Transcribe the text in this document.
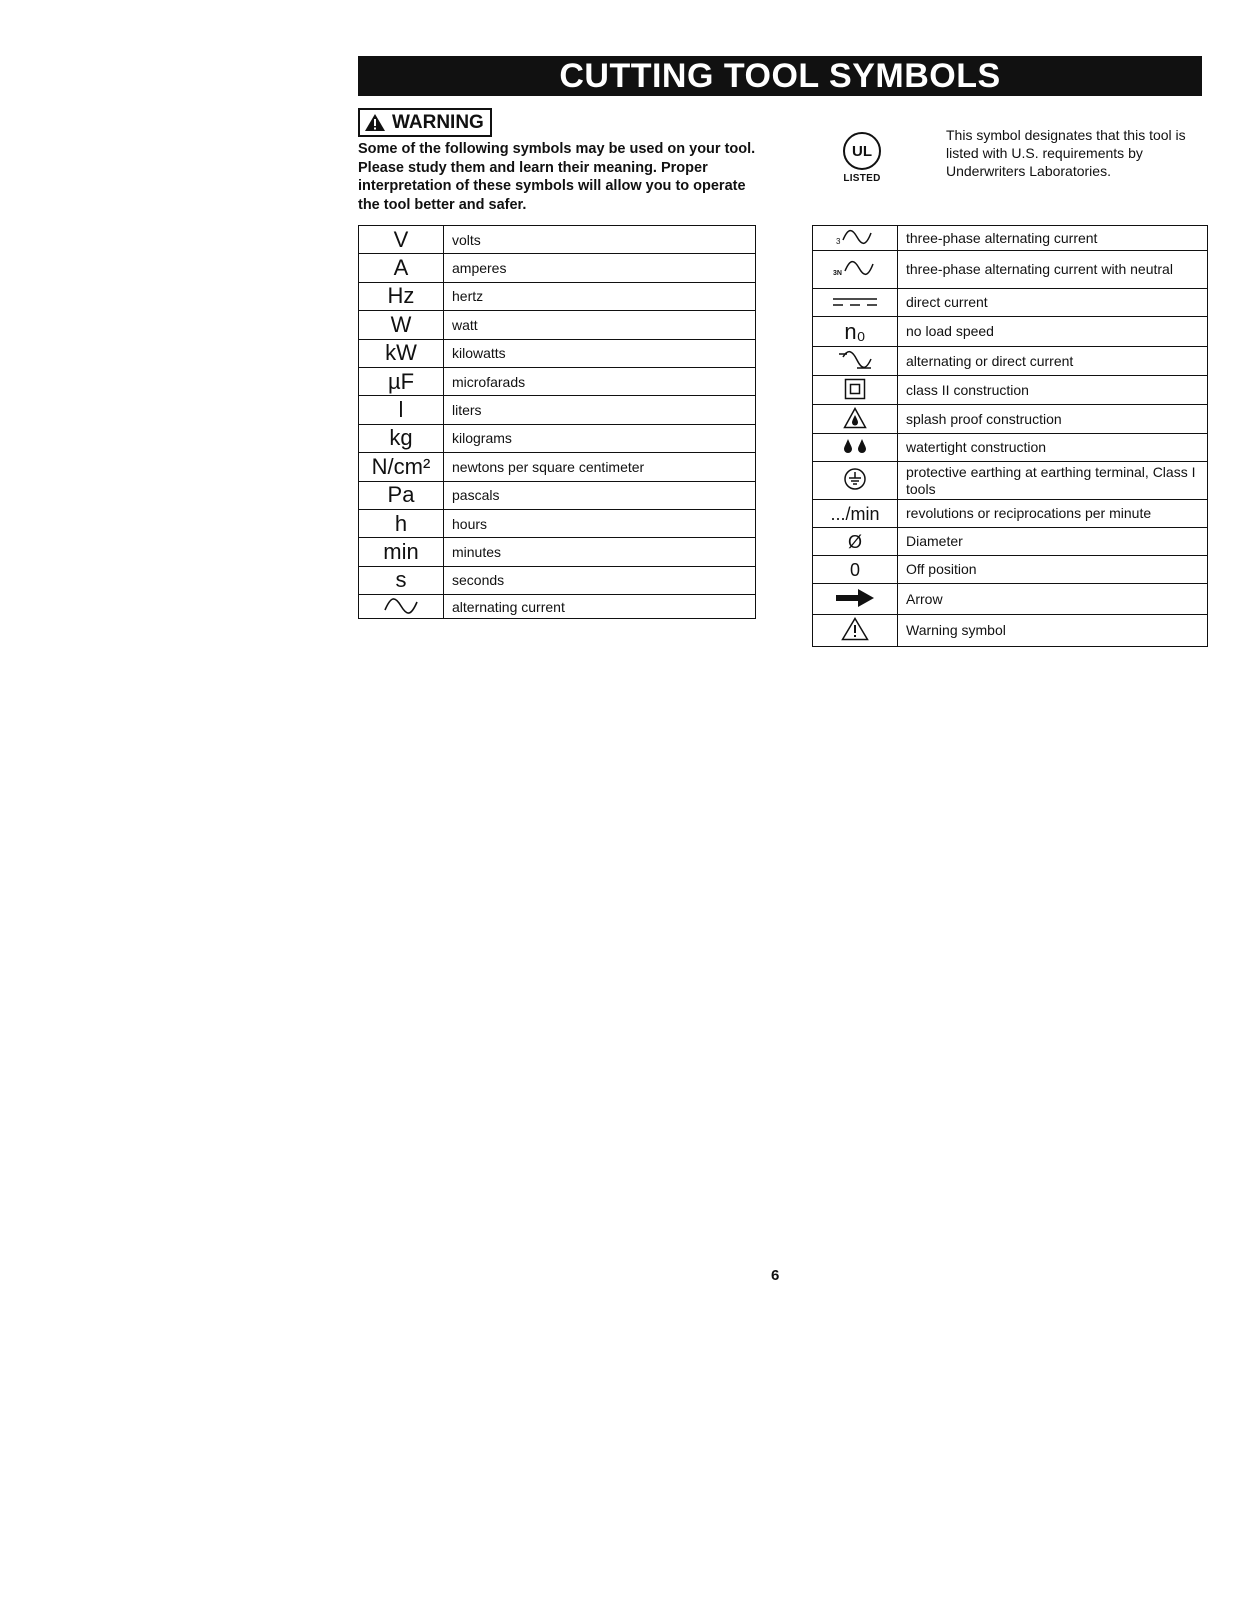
CUTTING TOOL SYMBOLS
WARNING
Some of the following symbols may be used on your tool. Please study them and learn their meaning. Proper interpretation of these symbols will allow you to operate the tool better and safer.
UL
LISTED
This symbol designates that this tool is listed with U.S. requirements by Underwriters Laboratories.
V	volts
A	amperes
Hz	hertz
W	watt
kW	kilowatts
µF	microfarads
l	liters
kg	kilograms
N/cm²	newtons per square centimeter
Pa	pascals
h	hours
min	minutes
s	seconds
	alternating current
3	three-phase alternating current

3N	three-phase alternating current with neutral
	direct current
n₀	no load speed
	alternating or direct current
	class II construction
	splash proof construction
	watertight construction
	protective earthing at earthing terminal, Class I tools
.../min	revolutions or reciprocations per minute
Ø	Diameter
0	Off position
	Arrow
	Warning symbol
6
